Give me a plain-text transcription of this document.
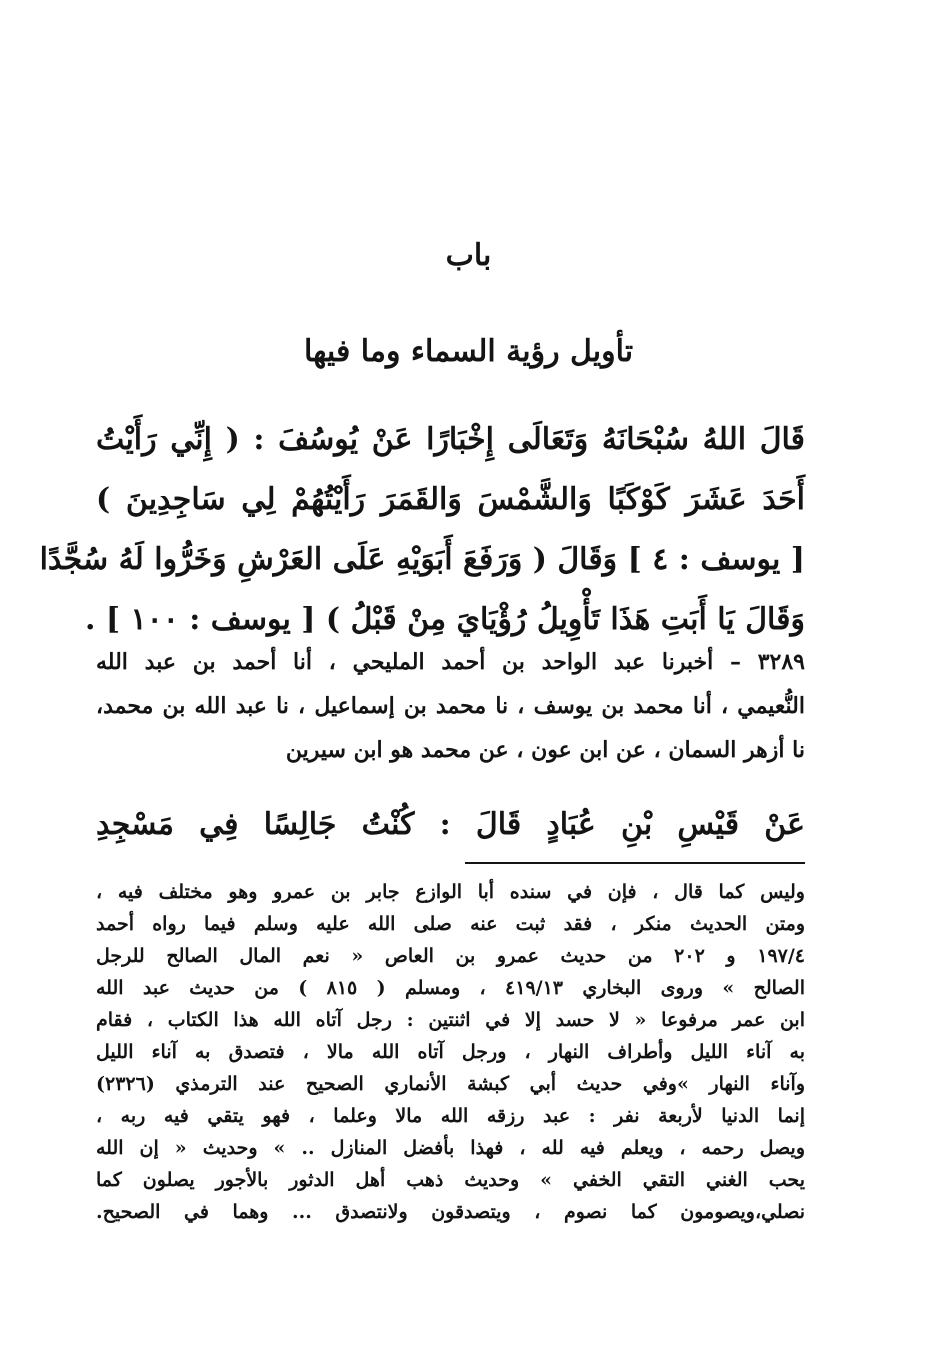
باب
تأويل رؤية السماء وما فيها
قَالَ اللهُ سُبْحَانَهُ وَتَعَالَى إِخْبَارًا عَنْ يُوسُفَ : ( إِنِّي رَأَيْتُ
أَحَدَ عَشَرَ كَوْكَبًا وَالشَّمْسَ وَالقَمَرَ رَأَيْتُهُمْ لِي سَاجِدِينَ )
[ يوسف : ٤ ] وَقَالَ ( وَرَفَعَ أَبَوَيْهِ عَلَى العَرْشِ وَخَرُّوا لَهُ سُجَّدًا
وَقَالَ يَا أَبَتِ هَذَا تَأْوِيلُ رُؤْيَايَ مِنْ قَبْلُ ) [ يوسف : ١٠٠ ] .
٣٢٨٩ – أخبرنا عبد الواحد بن أحمد المليحي ، أنا أحمد بن عبد الله
النُّعيمي ، أنا محمد بن يوسف ، نا محمد بن إسماعيل ، نا عبد الله بن محمد،
نا أزهر السمان ، عن ابن عون ، عن محمد هو ابن سيرين
عَنْ قَيْسِ بْنِ عُبَادٍ قَالَ : كُنْتُ جَالِسًا فِي مَسْجِدِ
وليس كما قال ، فإن في سنده أبا الوازع جابر بن عمرو وهو مختلف فيه ،
ومتن الحديث منكر ، فقد ثبت عنه صلى الله عليه وسلم فيما رواه أحمد
١٩٧/٤ و ٢٠٢ من حديث عمرو بن العاص « نعم المال الصالح للرجل
الصالح » وروى البخاري ٤١٩/١٣ ، ومسلم ( ٨١٥ ) من حديث عبد الله
ابن عمر مرفوعا « لا حسد إلا في اثنتين : رجل آتاه الله هذا الكتاب ، فقام
به آناء الليل وأطراف النهار ، ورجل آتاه الله مالا ، فتصدق به آناء الليل
وآناء النهار »وفي حديث أبي كبشة الأنماري الصحيح عند الترمذي (٢٣٢٦)
إنما الدنيا لأربعة نفر : عبد رزقه الله مالا وعلما ، فهو يتقي فيه ربه ،
ويصل رحمه ، ويعلم فيه لله ، فهذا بأفضل المنازل .. » وحديث « إن الله
يحب الغني التقي الخفي » وحديث ذهب أهل الدثور بالأجور يصلون كما
نصلي،ويصومون كما نصوم ، ويتصدقون ولانتصدق ... وهما في الصحيح.
